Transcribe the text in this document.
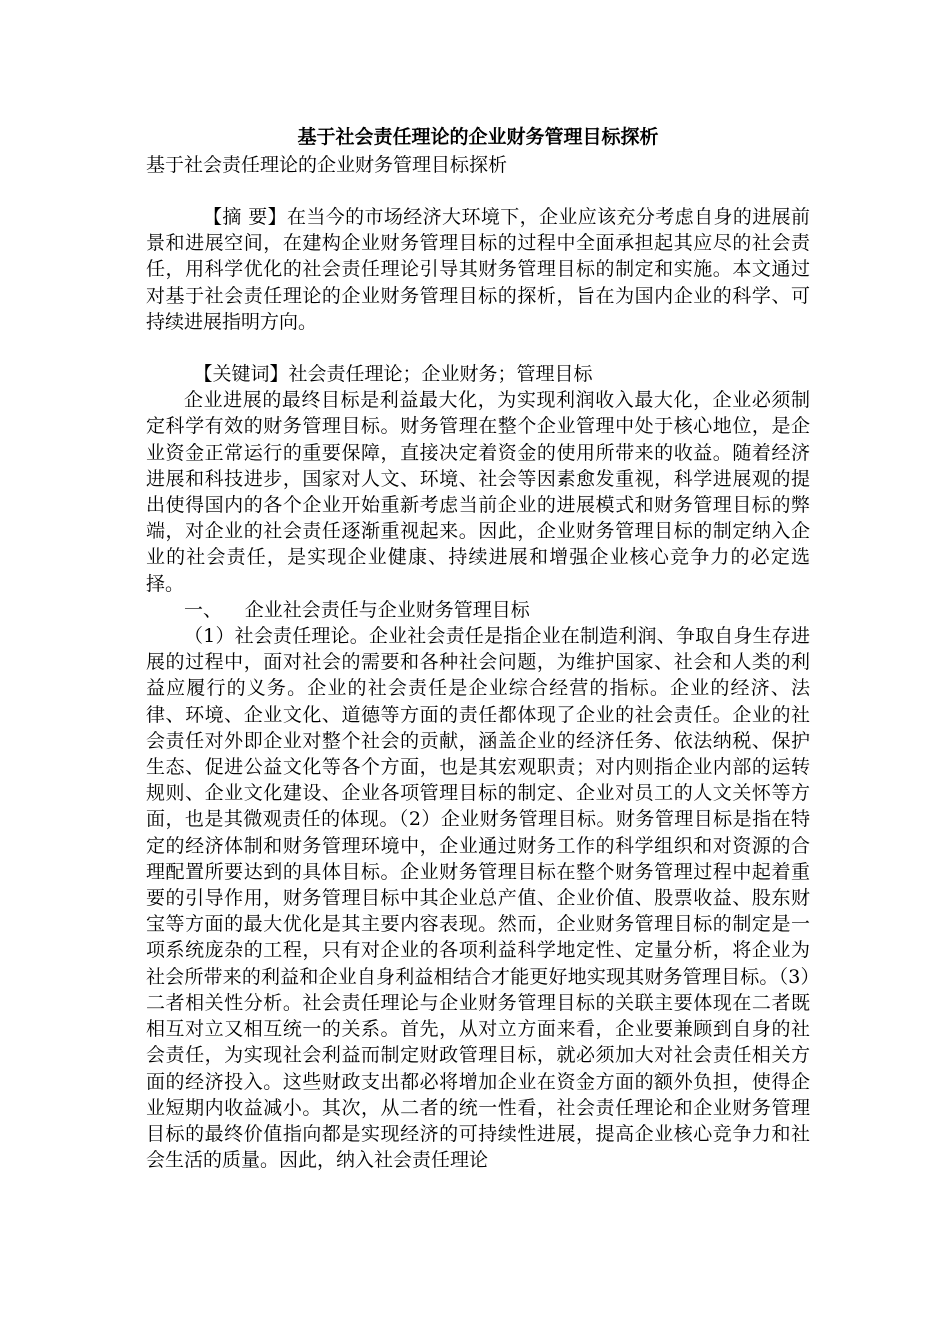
基于社会责任理论的企业财务管理目标探析

基于社会责任理论的企业财务管理目标探析

【摘 要】在当今的市场经济大环境下，企业应该充分考虑自身的进展前景和进展空间，在建构企业财务管理目标的过程中全面承担起其应尽的社会责任，用科学优化的社会责任理论引导其财务管理目标的制定和实施。本文通过对基于社会责任理论的企业财务管理目标的探析，旨在为国内企业的科学、可持续进展指明方向。

【关键词】社会责任理论；企业财务；管理目标

企业进展的最终目标是利益最大化，为实现利润收入最大化，企业必须制定科学有效的财务管理目标。财务管理在整个企业管理中处于核心地位，是企业资金正常运行的重要保障，直接决定着资金的使用所带来的收益。随着经济进展和科技进步，国家对人文、环境、社会等因素愈发重视，科学进展观的提出使得国内的各个企业开始重新考虑当前企业的进展模式和财务管理目标的弊端，对企业的社会责任逐渐重视起来。因此，企业财务管理目标的制定纳入企业的社会责任，是实现企业健康、持续进展和增强企业核心竞争力的必定选择。

一、 企业社会责任与企业财务管理目标

（1）社会责任理论。企业社会责任是指企业在制造利润、争取自身生存进展的过程中，面对社会的需要和各种社会问题，为维护国家、社会和人类的利益应履行的义务。企业的社会责任是企业综合经营的指标。企业的经济、法律、环境、企业文化、道德等方面的责任都体现了企业的社会责任。企业的社会责任对外即企业对整个社会的贡献，涵盖企业的经济任务、依法纳税、保护生态、促进公益文化等各个方面，也是其宏观职责；对内则指企业内部的运转规则、企业文化建设、企业各项管理目标的制定、企业对员工的人文关怀等方面，也是其微观责任的体现。（2）企业财务管理目标。财务管理目标是指在特定的经济体制和财务管理环境中，企业通过财务工作的科学组织和对资源的合理配置所要达到的具体目标。企业财务管理目标在整个财务管理过程中起着重要的引导作用，财务管理目标中其企业总产值、企业价值、股票收益、股东财宝等方面的最大优化是其主要内容表现。然而，企业财务管理目标的制定是一项系统庞杂的工程，只有对企业的各项利益科学地定性、定量分析，将企业为社会所带来的利益和企业自身利益相结合才能更好地实现其财务管理目标。（3）二者相关性分析。社会责任理论与企业财务管理目标的关联主要体现在二者既相互对立又相互统一的关系。首先，从对立方面来看，企业要兼顾到自身的社会责任，为实现社会利益而制定财政管理目标，就必须加大对社会责任相关方面的经济投入。这些财政支出都必将增加企业在资金方面的额外负担，使得企业短期内收益减小。其次，从二者的统一性看，社会责任理论和企业财务管理目标的最终价值指向都是实现经济的可持续性进展，提高企业核心竞争力和社会生活的质量。因此，纳入社会责任理论
